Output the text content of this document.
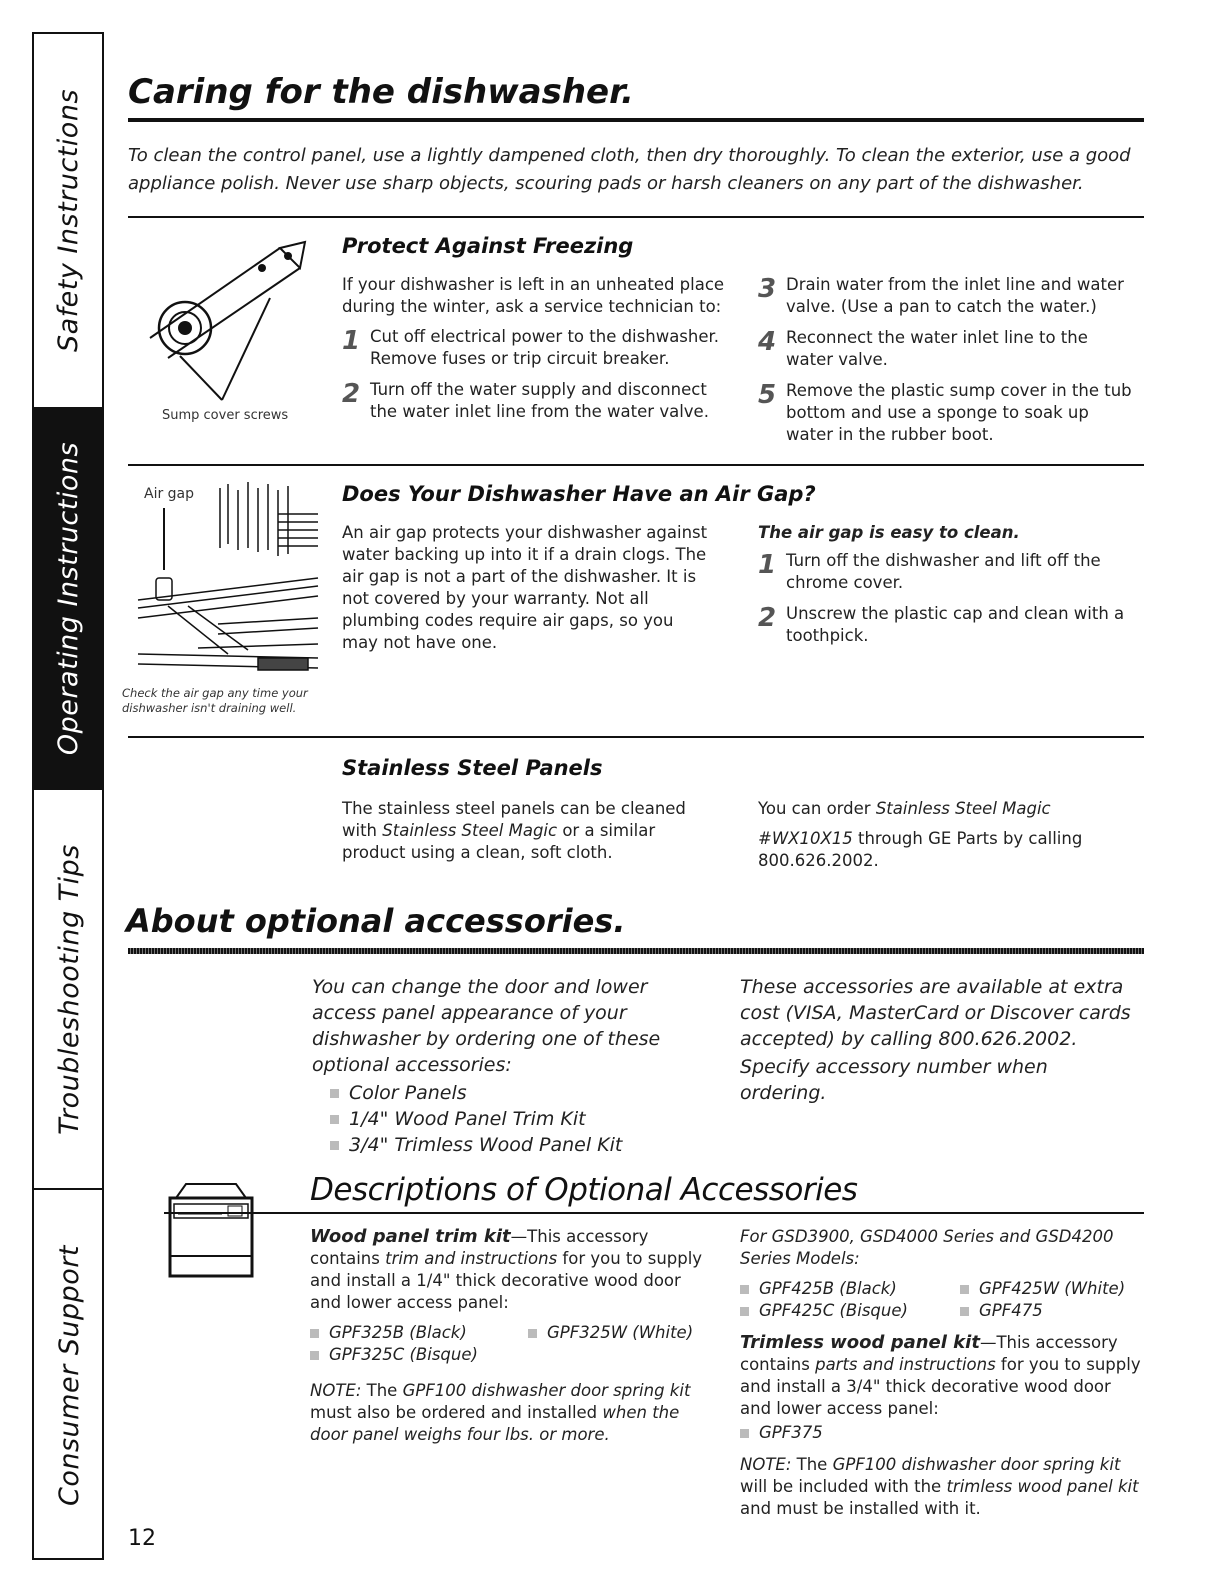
Safety Instructions
Operating Instructions
Troubleshooting Tips
Consumer Support
Caring for the dishwasher.
To clean the control panel, use a lightly dampened cloth, then dry thoroughly. To clean the exterior, use a good appliance polish. Never use sharp objects, scouring pads or harsh cleaners on any part of the dishwasher.
Sump cover screws
Protect Against Freezing
If your dishwasher is left in an unheated place during the winter, ask a service technician to:
1 Cut off electrical power to the dishwasher. Remove fuses or trip circuit breaker.
2 Turn off the water supply and disconnect the water inlet line from the water valve.
3 Drain water from the inlet line and water valve. (Use a pan to catch the water.)
4 Reconnect the water inlet line to the water valve.
5 Remove the plastic sump cover in the tub bottom and use a sponge to soak up water in the rubber boot.
Air gap
Check the air gap any time your dishwasher isn't draining well.
Does Your Dishwasher Have an Air Gap?
An air gap protects your dishwasher against water backing up into it if a drain clogs. The air gap is not a part of the dishwasher. It is not covered by your warranty. Not all plumbing codes require air gaps, so you may not have one.
The air gap is easy to clean.
1 Turn off the dishwasher and lift off the chrome cover.
2 Unscrew the plastic cap and clean with a toothpick.
Stainless Steel Panels
The stainless steel panels can be cleaned with Stainless Steel Magic or a similar product using a clean, soft cloth.
You can order Stainless Steel Magic
#WX10X15 through GE Parts by calling 800.626.2002.
About optional accessories.
You can change the door and lower access panel appearance of your dishwasher by ordering one of these optional accessories:
Color Panels
1/4" Wood Panel Trim Kit
3/4" Trimless Wood Panel Kit
These accessories are available at extra cost (VISA, MasterCard or Discover cards accepted) by calling 800.626.2002.
Specify accessory number when ordering.
Descriptions of Optional Accessories
Wood panel trim kit—This accessory contains trim and instructions for you to supply and install a 1/4" thick decorative wood door and lower access panel:
GPF325B (Black)	GPF325W (White)
GPF325C (Bisque)
NOTE: The GPF100 dishwasher door spring kit must also be ordered and installed when the door panel weighs four lbs. or more.
For GSD3900, GSD4000 Series and GSD4200 Series Models:
GPF425B (Black)	GPF425W (White)
GPF425C (Bisque)	GPF475
Trimless wood panel kit—This accessory contains parts and instructions for you to supply and install a 3/4" thick decorative wood door and lower access panel:
GPF375
NOTE: The GPF100 dishwasher door spring kit will be included with the trimless wood panel kit and must be installed with it.
12
